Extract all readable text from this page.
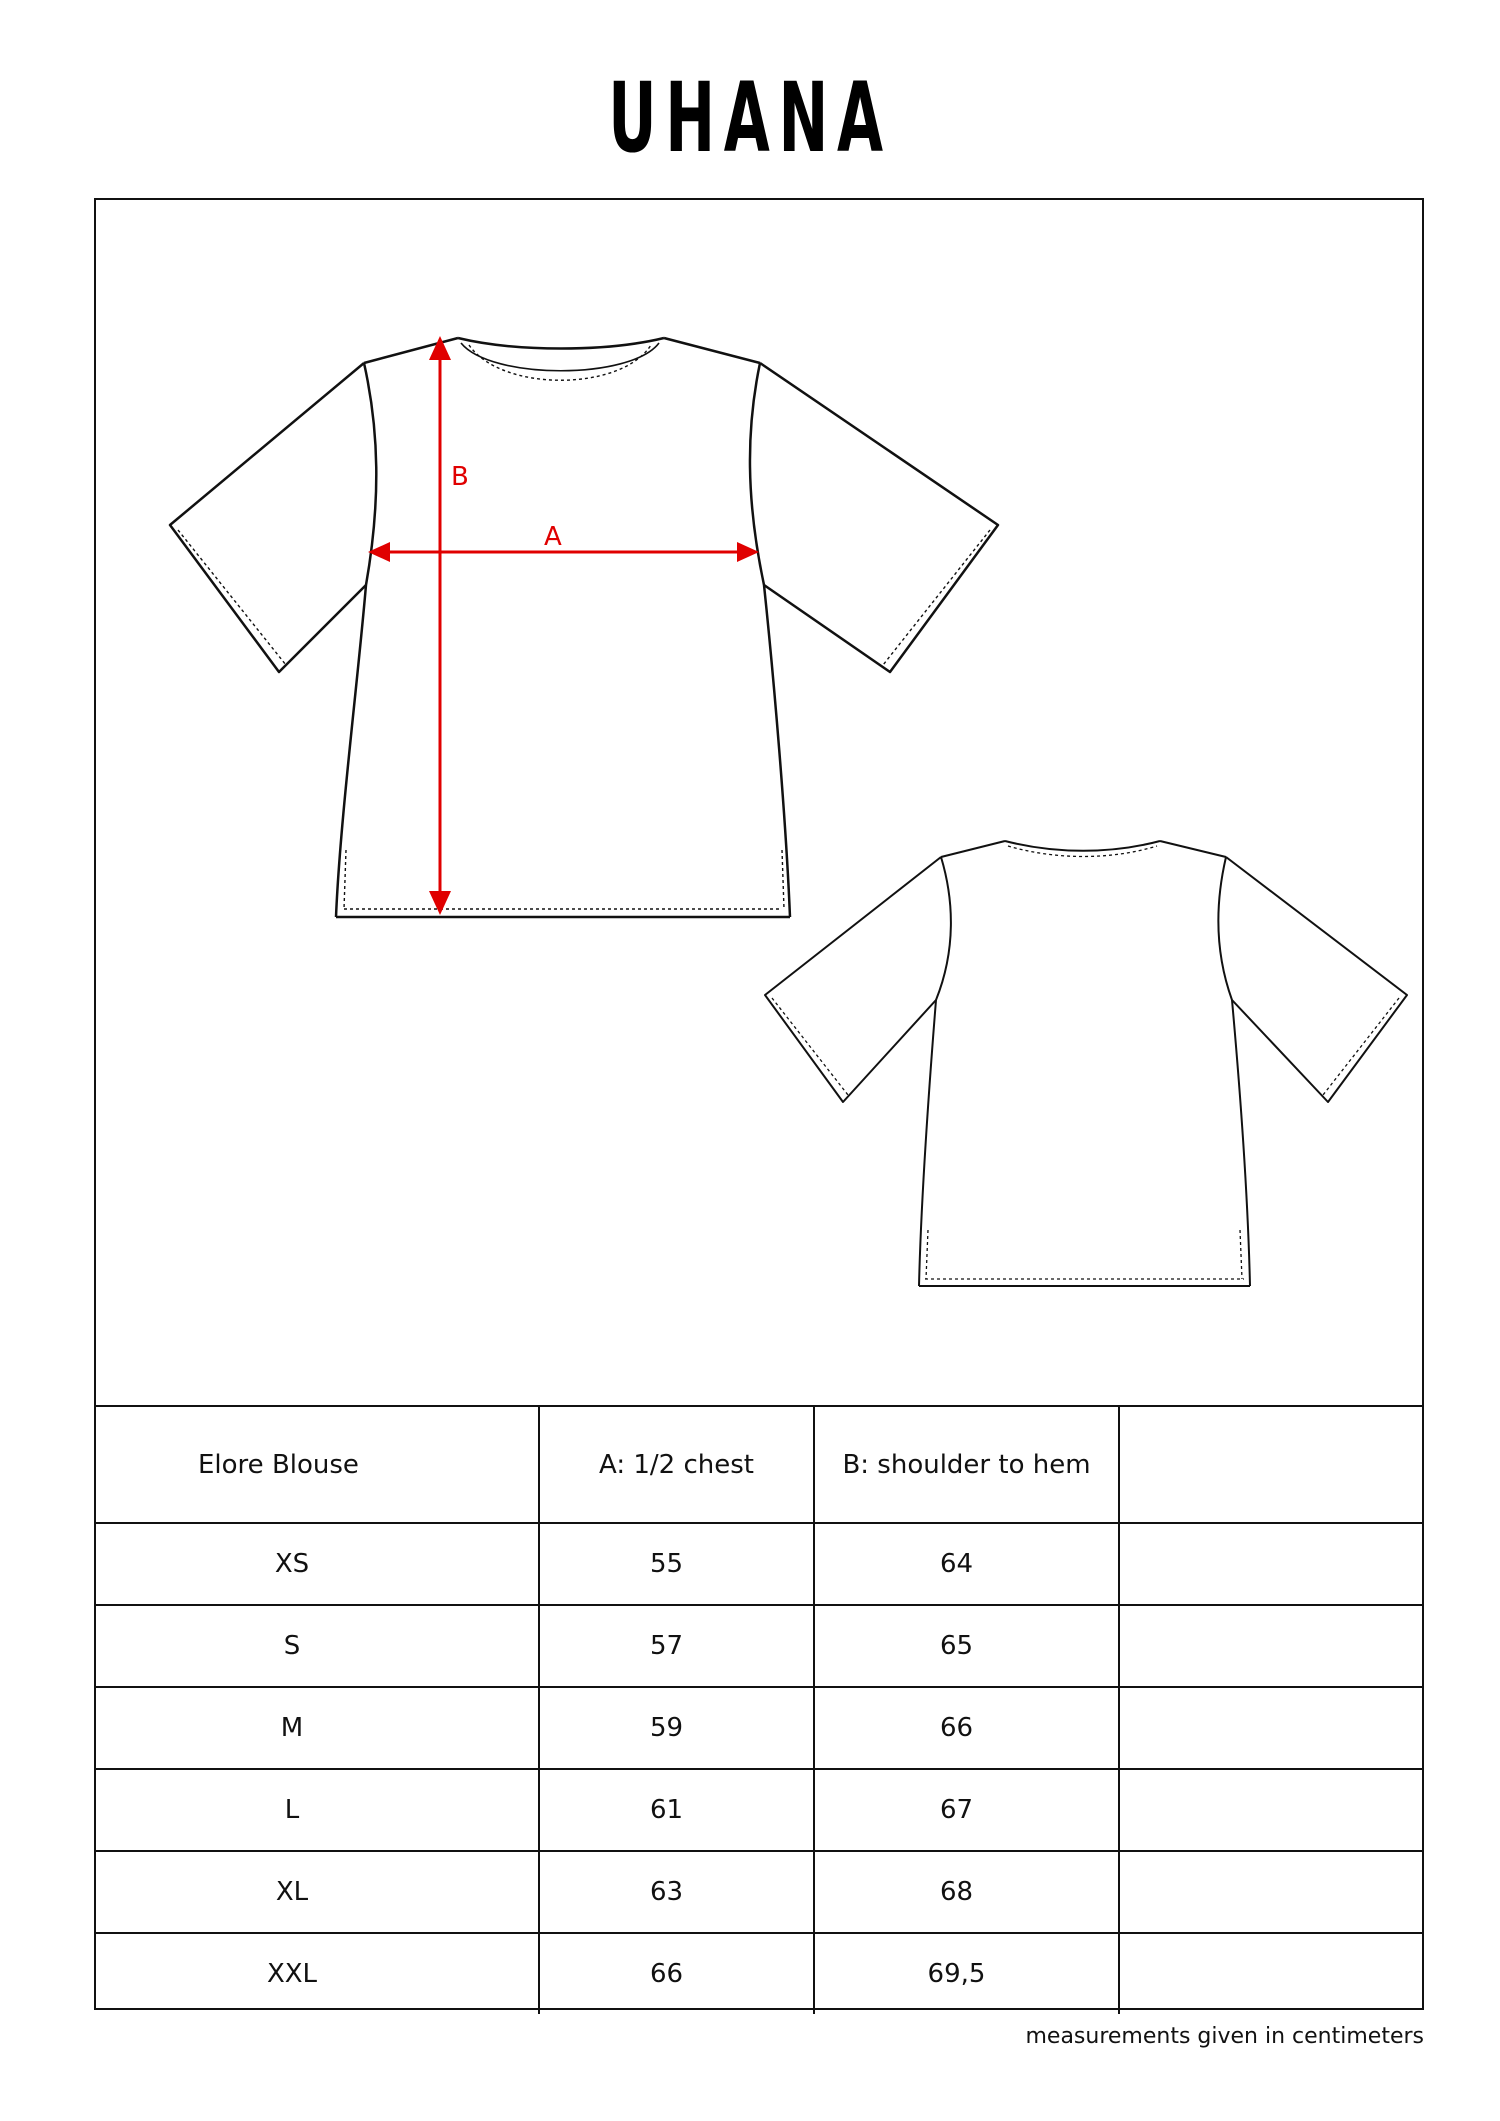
UHANA
B
A
Elore Blouse	A: 1/2 chest	B: shoulder to hem	
XS	55	64	
S	57	65	
M	59	66	
L	61	67	
XL	63	68	
XXL	66	69,5	
measurements given in centimeters
